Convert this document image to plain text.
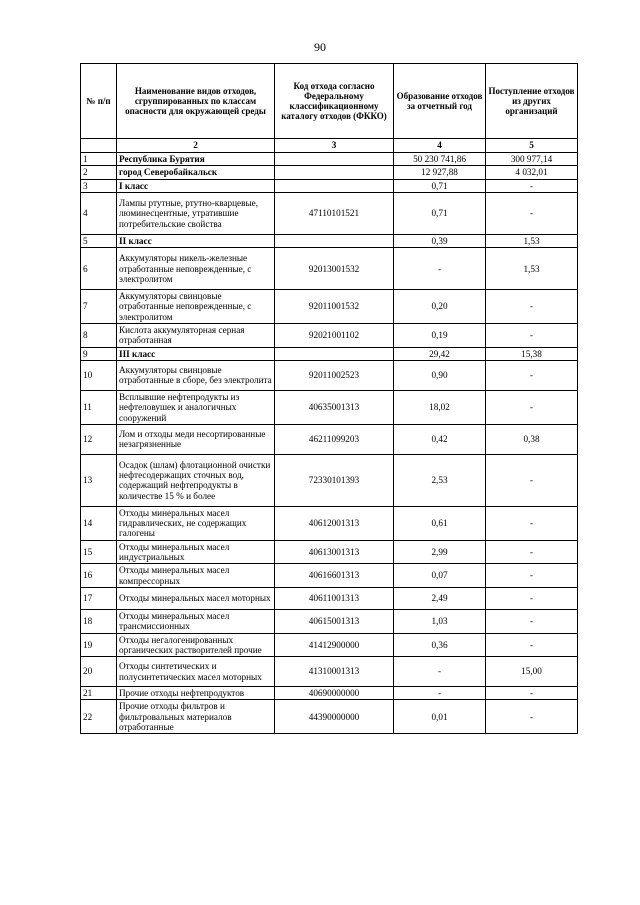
90
№ п/п	Наименование видов отходов, сгруппированных по классам опасности для окружающей среды	Код отхода согласно Федеральному классификационному каталогу отходов (ФККО)	Образование отходов за отчетный год	Поступление отходов из других организаций
	2	3	4	5
1	Республика Бурятия		50 230 741,86	300 977,14
2	город Северобайкальск		12 927,88	4 032,01
3	I класс		0,71	-
4	Лампы ртутные, ртутно-кварцевые, люминесцентные, утратившие потребительские свойства	47110101521	0,71	-
5	II класс		0,39	1,53
6	Аккумуляторы никель-железные отработанные неповрежденные, с электролитом	92013001532	-	1,53
7	Аккумуляторы свинцовые отработанные неповрежденные, с электролитом	92011001532	0,20	-
8	Кислота аккумуляторная серная отработанная	92021001102	0,19	-
9	III класс		29,42	15,38
10	Аккумуляторы свинцовые отработанные в сборе, без электролита	92011002523	0,90	-
11	Всплывшие нефтепродукты из нефтеловушек и аналогичных сооружений	40635001313	18,02	-
12	Лом и отходы меди несортированные незагрязненные	46211099203	0,42	0,38
13	Осадок (шлам) флотационной очистки нефтесодержащих сточных вод, содержащий нефтепродукты в количестве 15 % и более	72330101393	2,53	-
14	Отходы минеральных масел гидравлических, не содержащих галогены	40612001313	0,61	-
15	Отходы минеральных масел индустриальных	40613001313	2,99	-
16	Отходы минеральных масел компрессорных	40616601313	0,07	-
17	Отходы минеральных масел моторных	40611001313	2,49	-
18	Отходы минеральных масел трансмиссионных	40615001313	1,03	-
19	Отходы негалогенированных органических растворителей прочие	41412900000	0,36	-
20	Отходы синтетических и полусинтетических масел моторных	41310001313	-	15,00
21	Прочие отходы нефтепродуктов	40690000000	-	-
22	Прочие отходы фильтров и фильтровальных материалов отработанные	44390000000	0,01	-
